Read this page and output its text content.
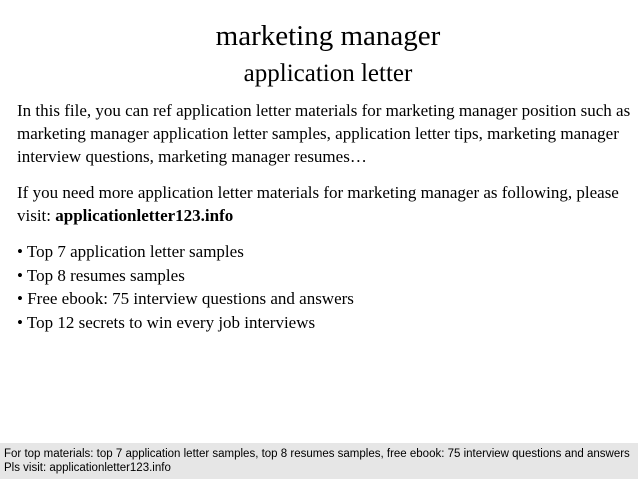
marketing manager
application letter
In this file, you can ref application letter materials for marketing manager position such as marketing manager application letter samples, application letter tips, marketing manager interview questions, marketing manager resumes…
If you need more application letter materials for marketing manager as following, please visit: applicationletter123.info
• Top 7 application letter samples
• Top 8 resumes samples
• Free ebook: 75 interview questions and answers
• Top 12 secrets to win every job interviews
For top materials: top 7 application letter samples, top 8 resumes samples, free ebook: 75 interview questions and answers
Pls visit: applicationletter123.info
